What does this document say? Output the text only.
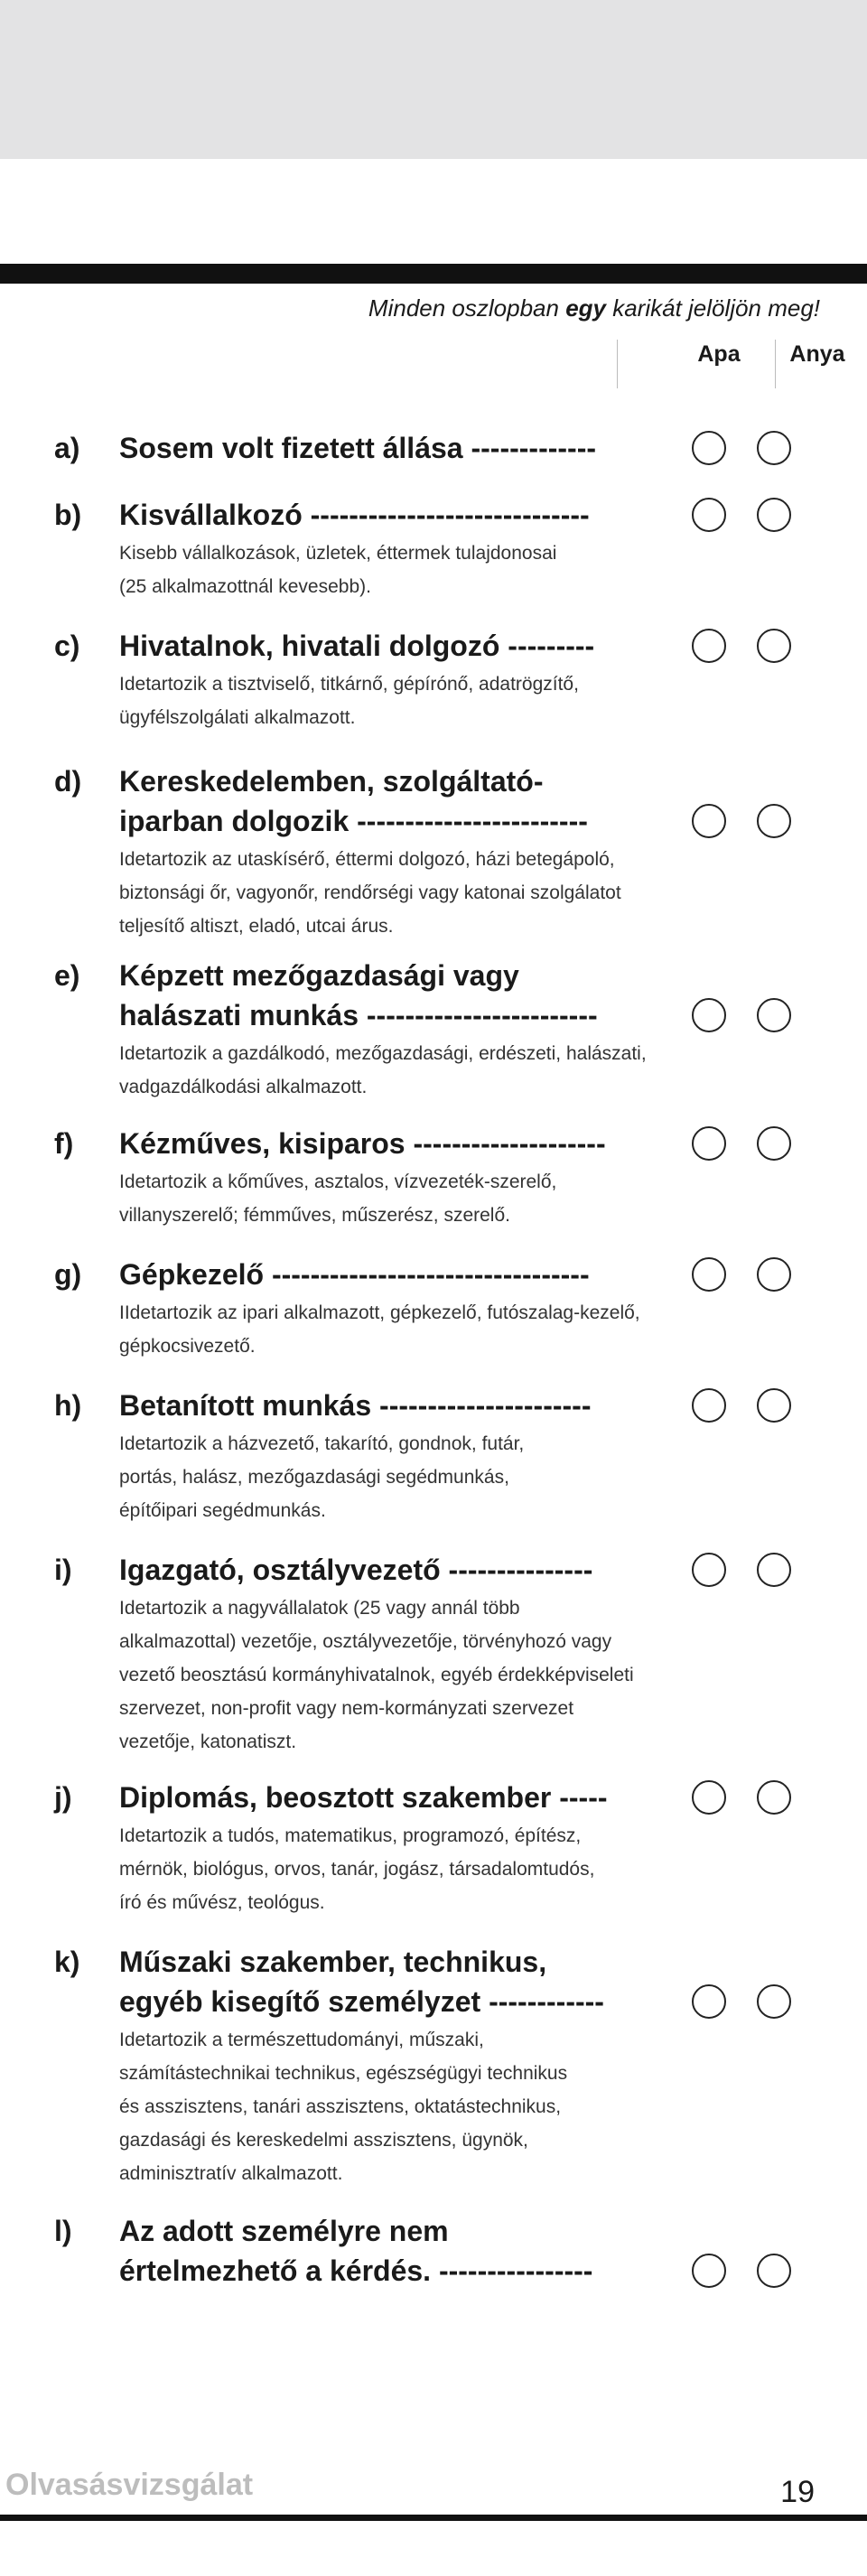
Minden oszlopban egy karikát jelöljön meg!
Apa Anya
a) Sosem volt fizetett állása -------------
b) Kisvállalkozó -----------------------------
Kisebb vállalkozások, üzletek, éttermek tulajdonosai
(25 alkalmazottnál kevesebb).
c) Hivatalnok, hivatali dolgozó ---------
Idetartozik a tisztviselő, titkárnő, gépírónő, adatrögzítő,
ügyfélszolgálati alkalmazott.
d) Kereskedelemben, szolgáltató-
iparban dolgozik ------------------------
Idetartozik az utaskísérő, éttermi dolgozó, házi betegápoló,
biztonsági őr, vagyonőr, rendőrségi vagy katonai szolgálatot
teljesítő altiszt, eladó, utcai árus.
e) Képzett mezőgazdasági vagy
halászati munkás ------------------------
Idetartozik a gazdálkodó, mezőgazdasági, erdészeti, halászati,
vadgazdálkodási alkalmazott.
f) Kézműves, kisiparos --------------------
Idetartozik a kőműves, asztalos, vízvezeték-szerelő,
villanyszerelő; fémműves, műszerész, szerelő.
g) Gépkezelő ---------------------------------
IIdetartozik az ipari alkalmazott, gépkezelő, futószalag-kezelő,
gépkocsivezető.
h) Betanított munkás ----------------------
Idetartozik a házvezető, takarító, gondnok, futár,
portás, halász, mezőgazdasági segédmunkás,
építőipari segédmunkás.
i) Igazgató, osztályvezető ---------------
Idetartozik a nagyvállalatok (25 vagy annál több
alkalmazottal) vezetője, osztályvezetője, törvényhozó vagy
vezető beosztású kormányhivatalnok, egyéb érdekképviseleti
szervezet, non-profit vagy nem-kormányzati szervezet
vezetője, katonatiszt.
j) Diplomás, beosztott szakember -----
Idetartozik a tudós, matematikus, programozó, építész,
mérnök, biológus, orvos, tanár, jogász, társadalomtudós,
író és művész, teológus.
k) Műszaki szakember, technikus,
egyéb kisegítő személyzet ------------
Idetartozik a természettudományi, műszaki,
számítástechnikai technikus, egészségügyi technikus
és asszisztens, tanári asszisztens, oktatástechnikus,
gazdasági és kereskedelmi asszisztens, ügynök,
adminisztratív alkalmazott.
l) Az adott személyre nem
értelmezhető a kérdés. ----------------
Olvasásvizsgálat	19
